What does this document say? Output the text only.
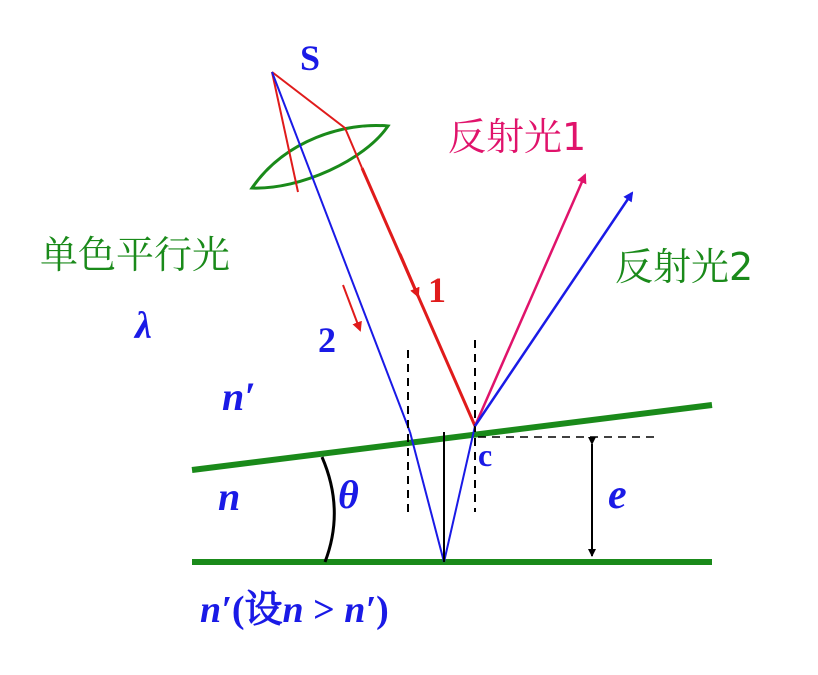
S
反射光1
反射光2
单色平行光
λ
1
2
n′
n θ
c
e
n′(设n > n′)
